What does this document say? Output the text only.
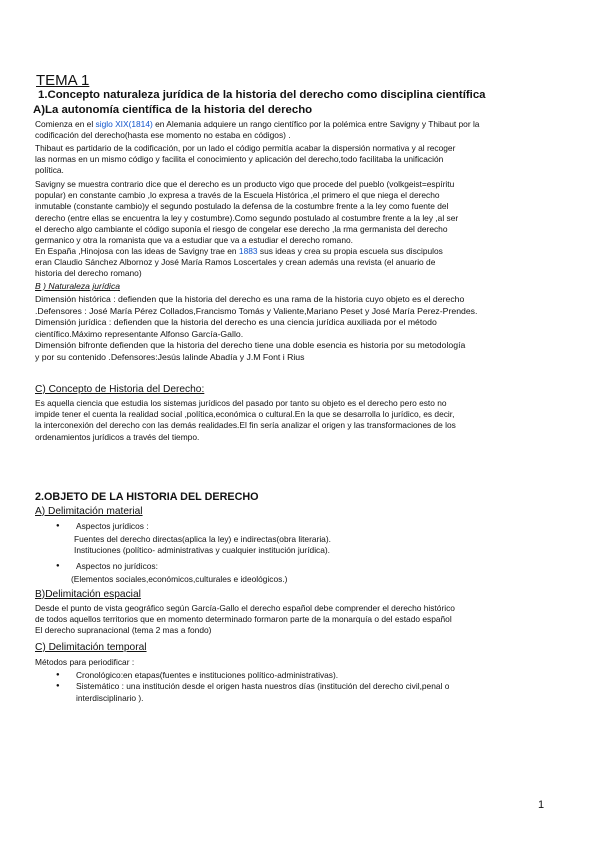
TEMA 1
1.Concepto naturaleza jurídica de la historia del derecho como disciplina científica
A)La autonomía científica de la historia del derecho
Comienza en el siglo XIX(1814) en Alemania adquiere un rango científico por la polémica entre Savigny y Thibaut por la
codificación del derecho(hasta ese momento no estaba en códigos) .
Thibaut es partidario de la codificación, por un lado el código permitía acabar la dispersión normativa y al recoger
las normas en un mismo código y facilita el conocimiento y aplicación del derecho,todo facilitaba la unificación
política.
Savigny se muestra contrario dice que el derecho es un producto vigo que procede del pueblo (volkgeist=espíritu
popular) en constante cambio ,lo expresa a través de la Escuela Histórica ,el primero el que niega el derecho
inmutable (constante cambio)y el segundo postulado la defensa de la costumbre frente a la ley como fuente del
derecho (entre ellas se encuentra la ley y costumbre).Como segundo postulado al costumbre frente a la ley ,al ser
el derecho algo cambiante el código suponía el riesgo de congelar ese derecho ,la rma germanista del derecho
germanico y otra la romanista que va a estudiar que va a estudiar el derecho romano.
En España ,Hinojosa con las ideas de Savigny trae en 1883 sus ideas y crea su propia escuela sus discipulos
eran Claudio Sánchez Albornoz y José María Ramos Loscertales y crean además una revista (el anuario de
historia del derecho romano)
B ) Naturaleza jurídica
Dimensión histórica : defienden que la historia del derecho es una rama de la historia cuyo objeto es el derecho
.Defensores : José María Pérez Collados,Francismo Tomás y Valiente,Mariano Peset y José María Perez-Prendes.
Dimensión jurídica : defienden que la historia del derecho es una ciencia jurídica auxiliada por el método
científico.Máximo representante Alfonso García-Gallo.
Dimensión bifronte defienden que la historia del derecho tiene una doble esencia es historia por su metodología
y por su contenido .Defensores:Jesús lalinde Abadía y J.M Font i Rius
C) Concepto de Historia del Derecho:
Es aquella ciencia que estudia los sistemas jurídicos del pasado por tanto su objeto es el derecho pero esto no
impide tener el cuenta la realidad social ,política,económica o cultural.En la que se desarrolla lo jurídico, es decir,
la interconexión del derecho con las demás realidades.El fin sería analizar el origen y las transformaciones de los
ordenamientos jurídicos a través del tiempo.
2.OBJETO DE LA HISTORIA DEL DERECHO
A) Delimitación material
● Aspectos jurídicos :
Fuentes del derecho directas(aplica la ley) e indirectas(obra literaria).
Instituciones (político- administrativas y cualquier institución jurídica).
● Aspectos no jurídicos:
(Elementos sociales,económicos,culturales e ideológicos.)
B)Delimitación espacial
Desde el punto de vista geográfico según García-Gallo el derecho español debe comprender el derecho histórico
de todos aquellos territorios que en momento determinado formaron parte de la monarquía o del estado español
El derecho supranacional (tema 2 mas a fondo)
C) Delimitación temporal
Métodos para periodificar :
● Cronológico:en etapas(fuentes e instituciones político-administrativas).
● Sistemático : una institución desde el origen hasta nuestros días (institución del derecho civil,penal o
interdisciplinario ).
1
